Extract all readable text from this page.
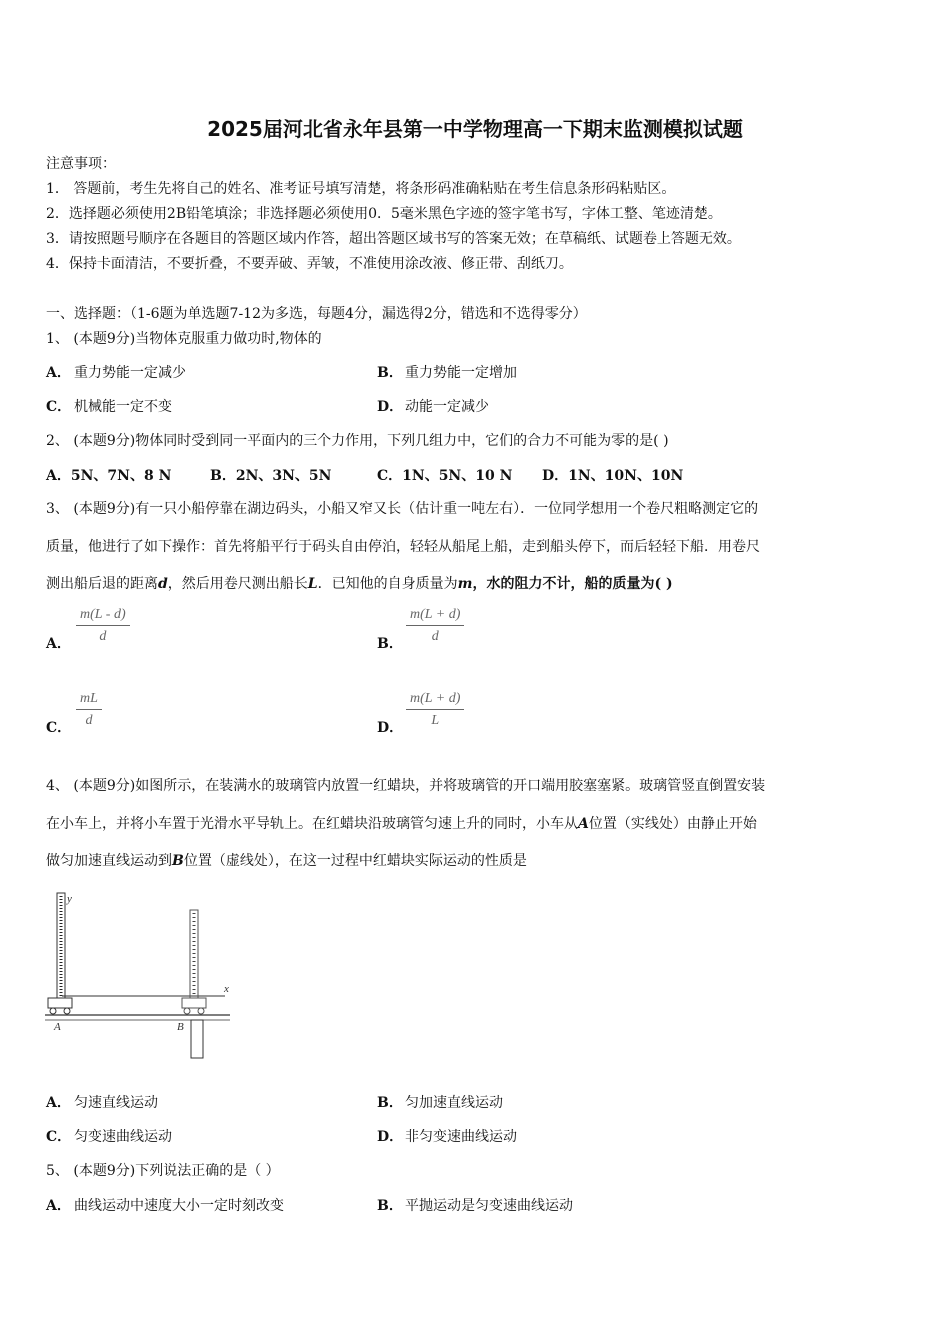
2025届河北省永年县第一中学物理高一下期末监测模拟试题
注意事项：
1． 答题前，考生先将自己的姓名、准考证号填写清楚，将条形码准确粘贴在考生信息条形码粘贴区。
2．选择题必须使用2B铅笔填涂；非选择题必须使用0．5毫米黑色字迹的签字笔书写，字体工整、笔迹清楚。
3．请按照题号顺序在各题目的答题区域内作答，超出答题区域书写的答案无效；在草稿纸、试题卷上答题无效。
4．保持卡面清洁，不要折叠，不要弄破、弄皱，不准使用涂改液、修正带、刮纸刀。
一、选择题：（1-6题为单选题7-12为多选，每题4分，漏选得2分，错选和不选得零分）
1、 (本题9分)当物体克服重力做功时,物体的
A． 重力势能一定减少	B． 重力势能一定增加
C． 机械能一定不变	D． 动能一定减少
2、 (本题9分)物体同时受到同一平面内的三个力作用，下列几组力中，它们的合力不可能为零的是( )
A．5N、7N、8 N	B．2N、3N、5N	C．1N、5N、10 N D．1N、10N、10N
3、 (本题9分)有一只小船停靠在湖边码头，小船又窄又长（估计重一吨左右）．一位同学想用一个卷尺粗略测定它的
质量，他进行了如下操作：首先将船平行于码头自由停泊，轻轻从船尾上船，走到船头停下，而后轻轻下船．用卷尺
测出船后退的距离d，然后用卷尺测出船长L．已知他的自身质量为m，水的阻力不计，船的质量为( )
A． $\frac{m(L - d)}{d}$	B． $\frac{m(L + d)}{d}$
C． $\frac{mL}{d}$	D． $\frac{m(L + d)}{L}$
4、 (本题9分)如图所示，在装满水的玻璃管内放置一红蜡块，并将玻璃管的开口端用胶塞塞紧。玻璃管竖直倒置安装
在小车上，并将小车置于光滑水平导轨上。在红蜡块沿玻璃管匀速上升的同时，小车从A位置（实线处）由静止开始
做匀加速直线运动到B位置（虚线处），在这一过程中红蜡块实际运动的性质是
y
x
A	B
A． 匀速直线运动	B． 匀加速直线运动
C． 匀变速曲线运动	D． 非匀变速曲线运动
5、 (本题9分)下列说法正确的是（ ）
A． 曲线运动中速度大小一定时刻改变	B． 平抛运动是匀变速曲线运动
